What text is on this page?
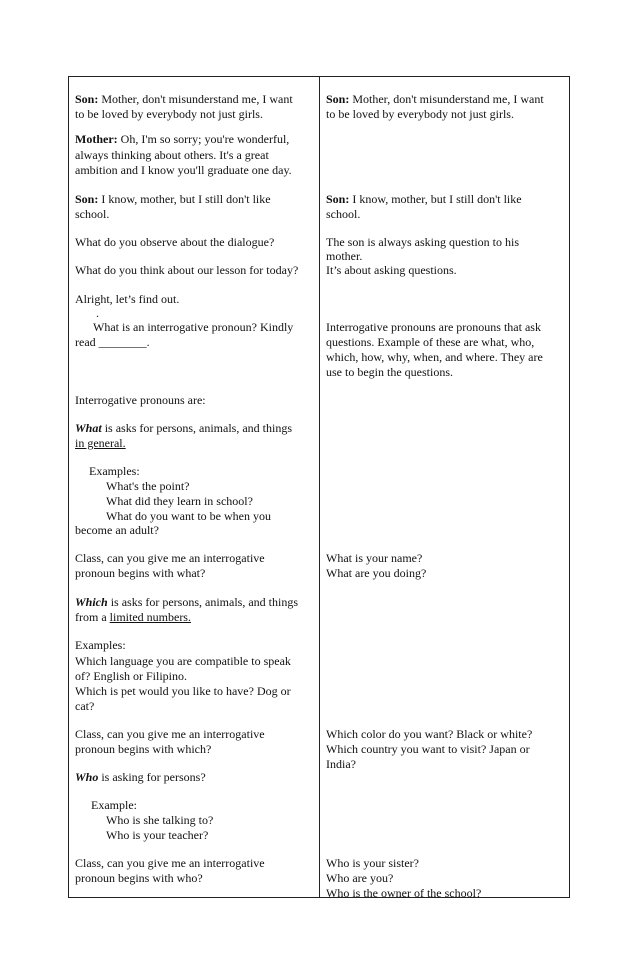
Son: Mother, don't misunderstand me, I want
to be loved by everybody not just girls.
Mother: Oh, I'm so sorry; you're wonderful,
always thinking about others. It's a great
ambition and I know you'll graduate one day.
Son: I know, mother, but I still don't like
school.
What do you observe about the dialogue?
What do you think about our lesson for today?
Alright, let’s find out.
.
What is an interrogative pronoun? Kindly
read ________.
Interrogative pronouns are:
What is asks for persons, animals, and things
in general.
Examples:
What's the point?
What did they learn in school?
What do you want to be when you
become an adult?
Class, can you give me an interrogative
pronoun begins with what?
Which is asks for persons, animals, and things
from a limited numbers.
Examples:
Which language you are compatible to speak
of? English or Filipino.
Which is pet would you like to have? Dog or
cat?
Class, can you give me an interrogative
pronoun begins with which?
Who is asking for persons?
Example:
Who is she talking to?
Who is your teacher?
Class, can you give me an interrogative
pronoun begins with who?
Son: Mother, don't misunderstand me, I want
to be loved by everybody not just girls.
Son: I know, mother, but I still don't like
school.
The son is always asking question to his
mother.
It’s about asking questions.
Interrogative pronouns are pronouns that ask
questions. Example of these are what, who,
which, how, why, when, and where. They are
use to begin the questions.
What is your name?
What are you doing?
Which color do you want? Black or white?
Which country you want to visit? Japan or
India?
Who is your sister?
Who are you?
Who is the owner of the school?
